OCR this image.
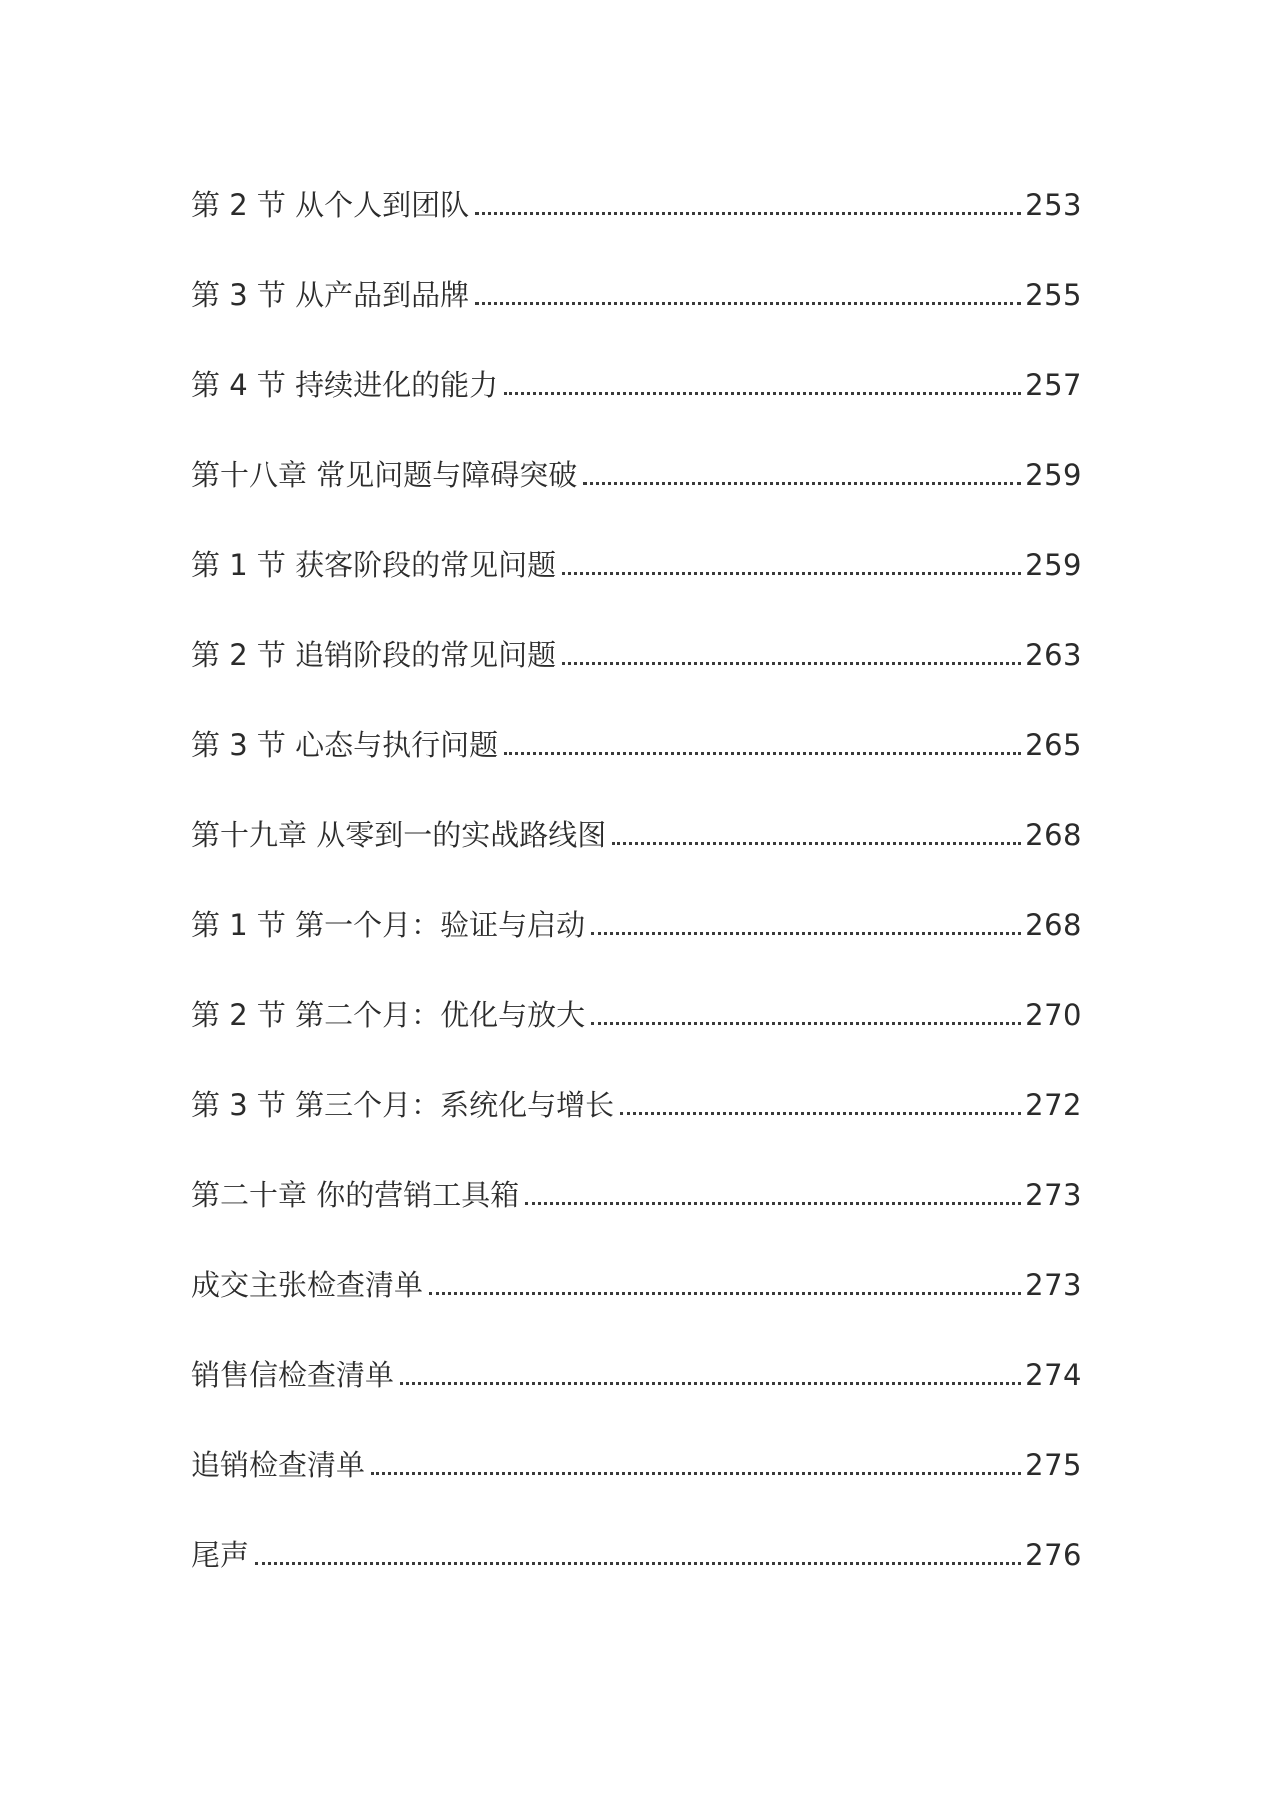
第 2 节 从个人到团队	253
第 3 节 从产品到品牌	255
第 4 节 持续进化的能力	257
第十八章 常见问题与障碍突破	259
第 1 节 获客阶段的常见问题	259
第 2 节 追销阶段的常见问题	263
第 3 节 心态与执行问题	265
第十九章 从零到一的实战路线图	268
第 1 节 第一个月：验证与启动	268
第 2 节 第二个月：优化与放大	270
第 3 节 第三个月：系统化与增长	272
第二十章 你的营销工具箱	273
成交主张检查清单	273
销售信检查清单	274
追销检查清单	275
尾声	276
